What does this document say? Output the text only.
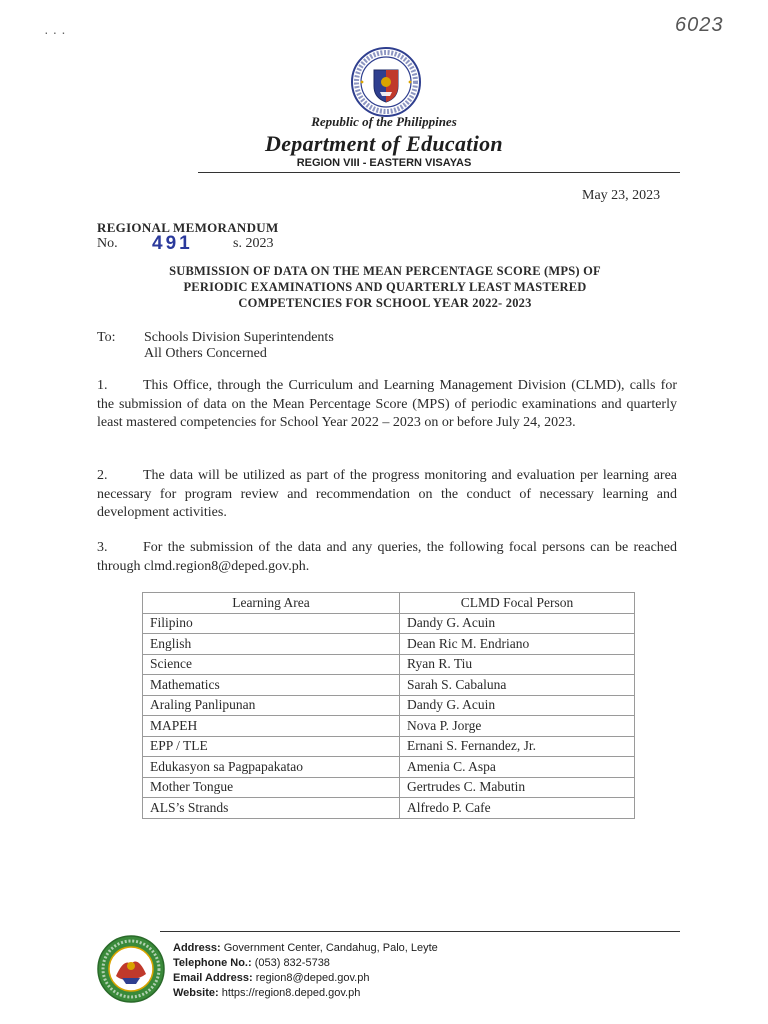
· · ·	6023
Republic of the Philippines
Department of Education
REGION VIII - EASTERN VISAYAS
May 23, 2023
REGIONAL MEMORANDUM
No. 491	s. 2023
SUBMISSION OF DATA ON THE MEAN PERCENTAGE SCORE (MPS) OF
PERIODIC EXAMINATIONS AND QUARTERLY LEAST MASTERED
COMPETENCIES FOR SCHOOL YEAR 2022- 2023
To: Schools Division Superintendents
All Others Concerned
1.	This Office, through the Curriculum and Learning Management Division (CLMD), calls for the submission of data on the Mean Percentage Score (MPS) of periodic examinations and quarterly least mastered competencies for School Year 2022 – 2023 on or before July 24, 2023.
2.	The data will be utilized as part of the progress monitoring and evaluation per learning area necessary for program review and recommendation on the conduct of necessary learning and development activities.
3.	For the submission of the data and any queries, the following focal persons can be reached through clmd.region8@deped.gov.ph.
Learning Area	CLMD Focal Person
Filipino	Dandy G. Acuin
English	Dean Ric M. Endriano
Science	Ryan R. Tiu
Mathematics	Sarah S. Cabaluna
Araling Panlipunan	Dandy G. Acuin
MAPEH	Nova P. Jorge
EPP / TLE	Ernani S. Fernandez, Jr.
Edukasyon sa Pagpapakatao	Amenia C. Aspa
Mother Tongue	Gertrudes C. Mabutin
ALS’s Strands	Alfredo P. Cafe
Address: Government Center, Candahug, Palo, Leyte
Telephone No.: (053) 832-5738
Email Address: region8@deped.gov.ph
Website: https://region8.deped.gov.ph
